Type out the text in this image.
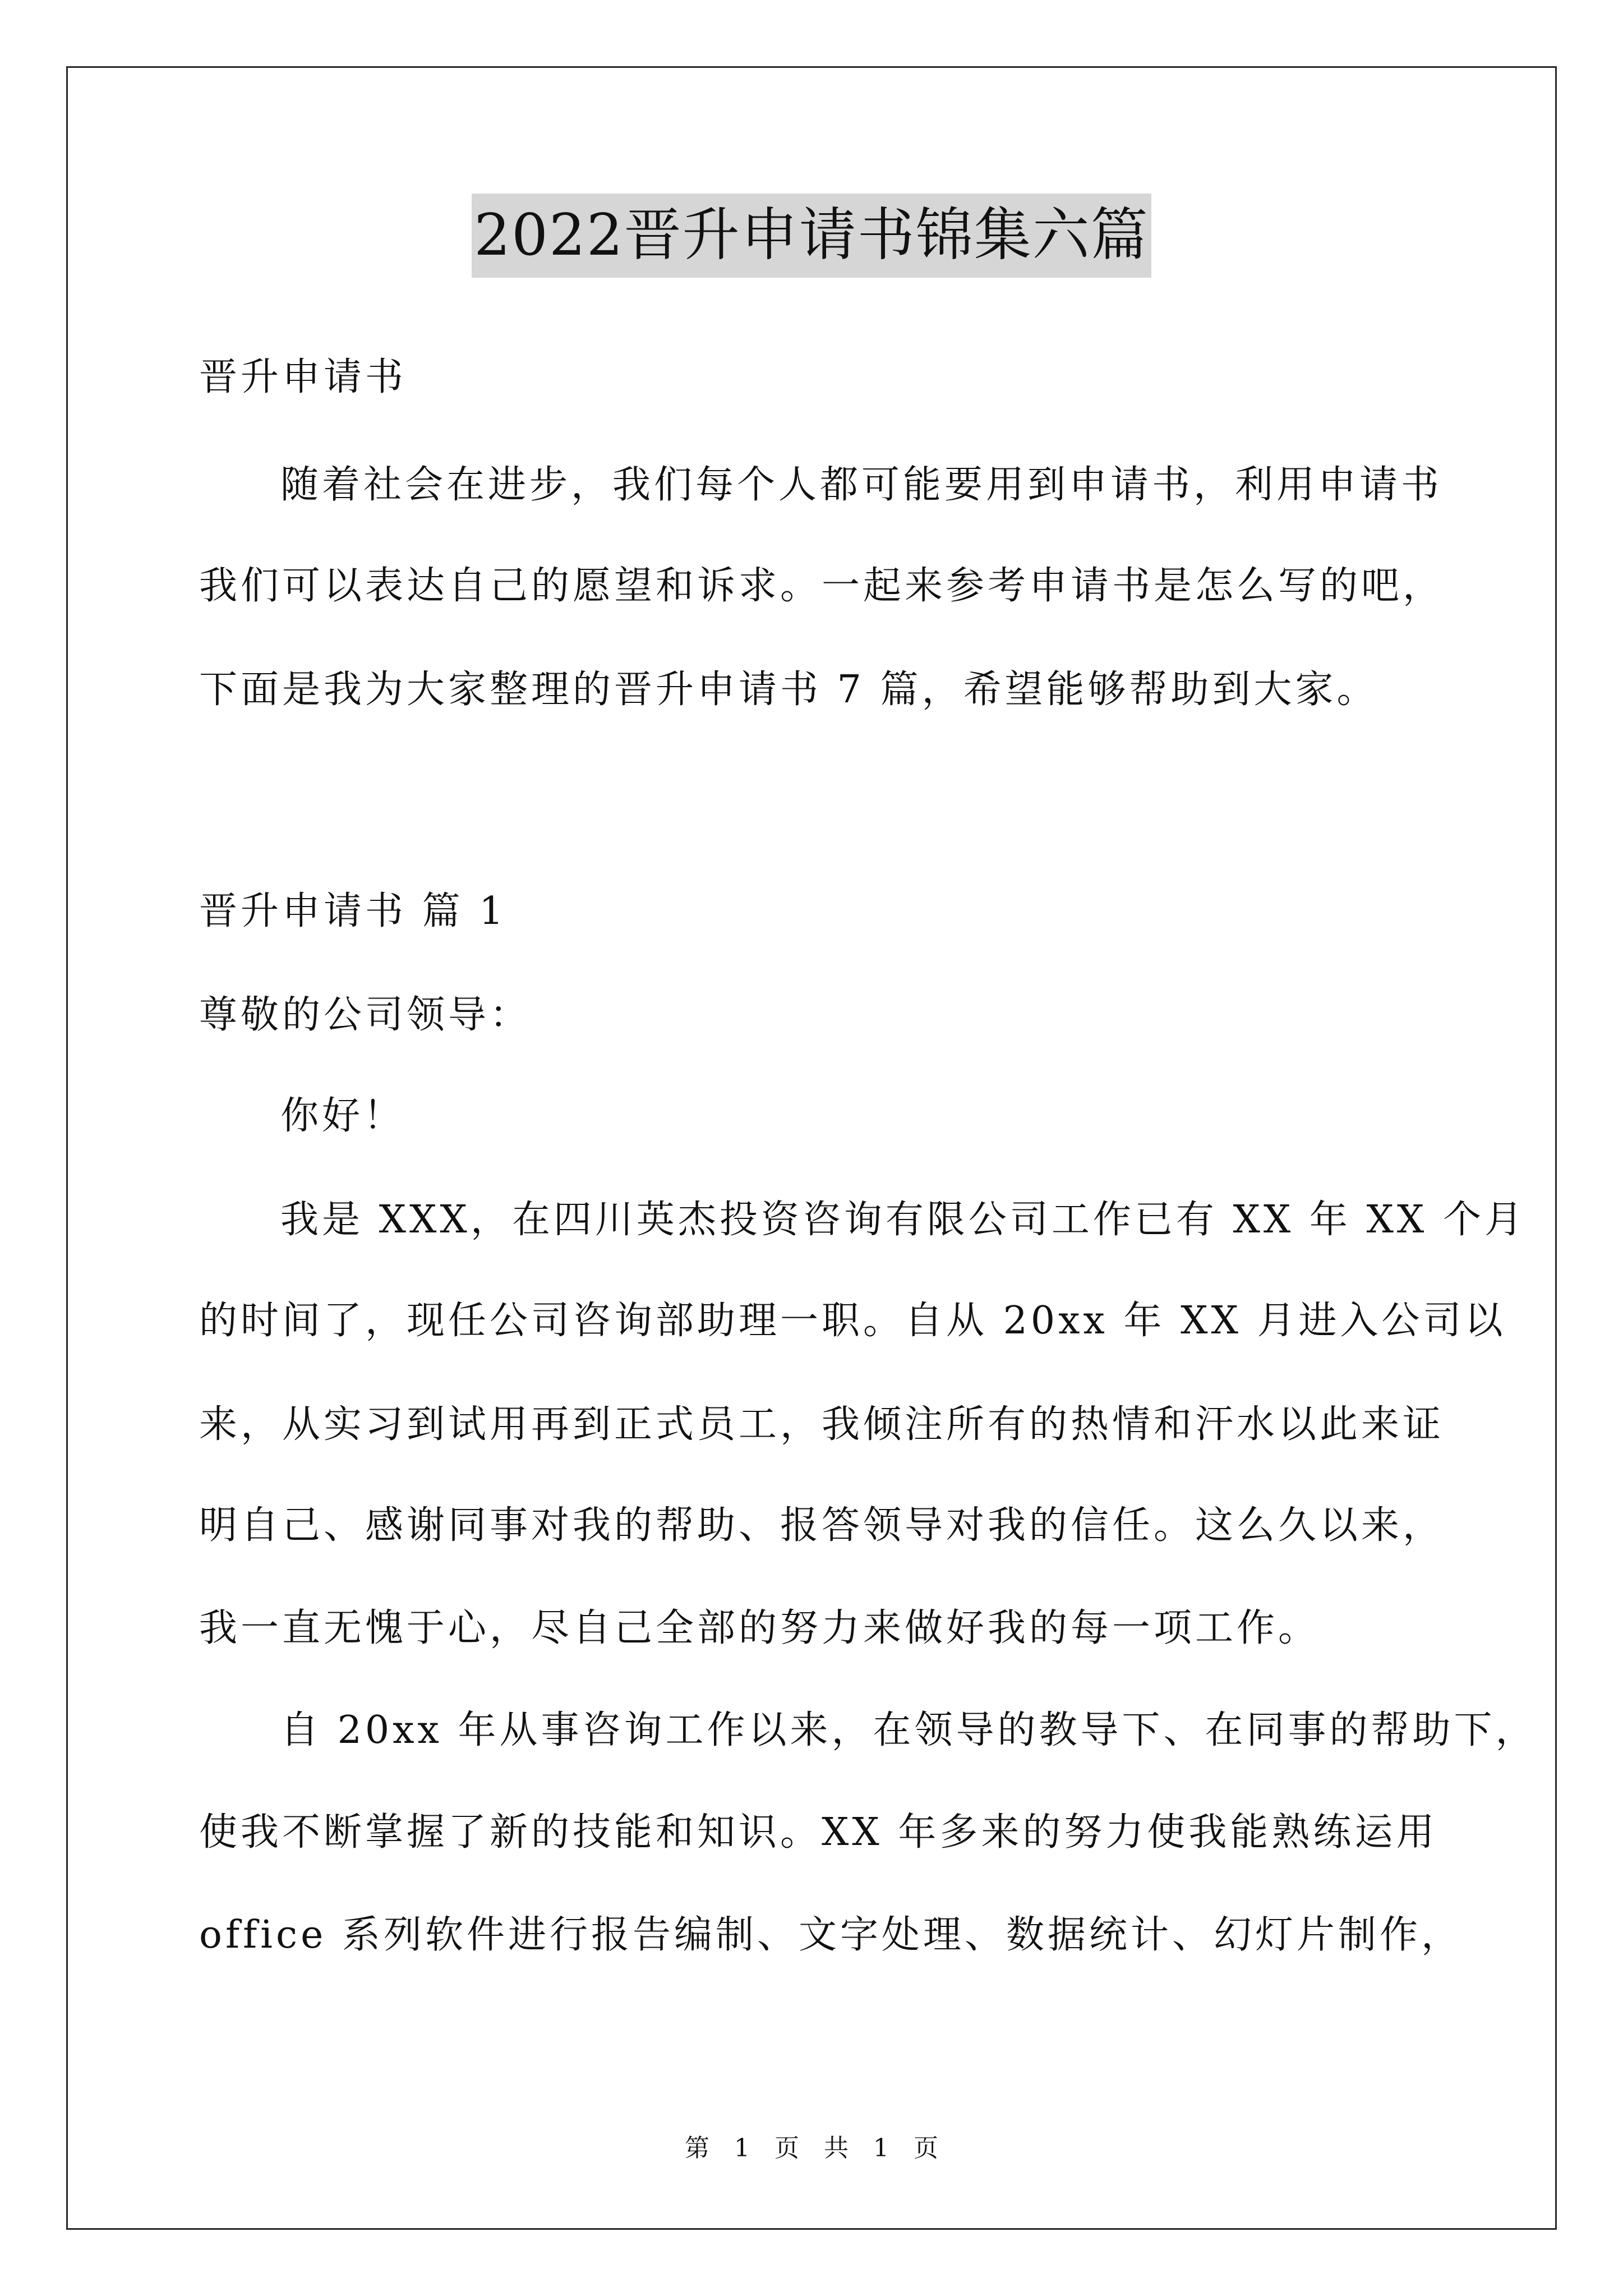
2022晋升申请书锦集六篇
晋升申请书
随着社会在进步，我们每个人都可能要用到申请书，利用申请书
我们可以表达自己的愿望和诉求。一起来参考申请书是怎么写的吧，
下面是我为大家整理的晋升申请书 7 篇，希望能够帮助到大家。
晋升申请书 篇 1
尊敬的公司领导：
你好！
我是 XXX，在四川英杰投资咨询有限公司工作已有 XX 年 XX 个月
的时间了，现任公司咨询部助理一职。自从 20xx 年 XX 月进入公司以
来，从实习到试用再到正式员工，我倾注所有的热情和汗水以此来证
明自己、感谢同事对我的帮助、报答领导对我的信任。这么久以来，
我一直无愧于心，尽自己全部的努力来做好我的每一项工作。
自 20xx 年从事咨询工作以来，在领导的教导下、在同事的帮助下，
使我不断掌握了新的技能和知识。XX 年多来的努力使我能熟练运用
office 系列软件进行报告编制、文字处理、数据统计、幻灯片制作，
第 1 页 共 1 页
